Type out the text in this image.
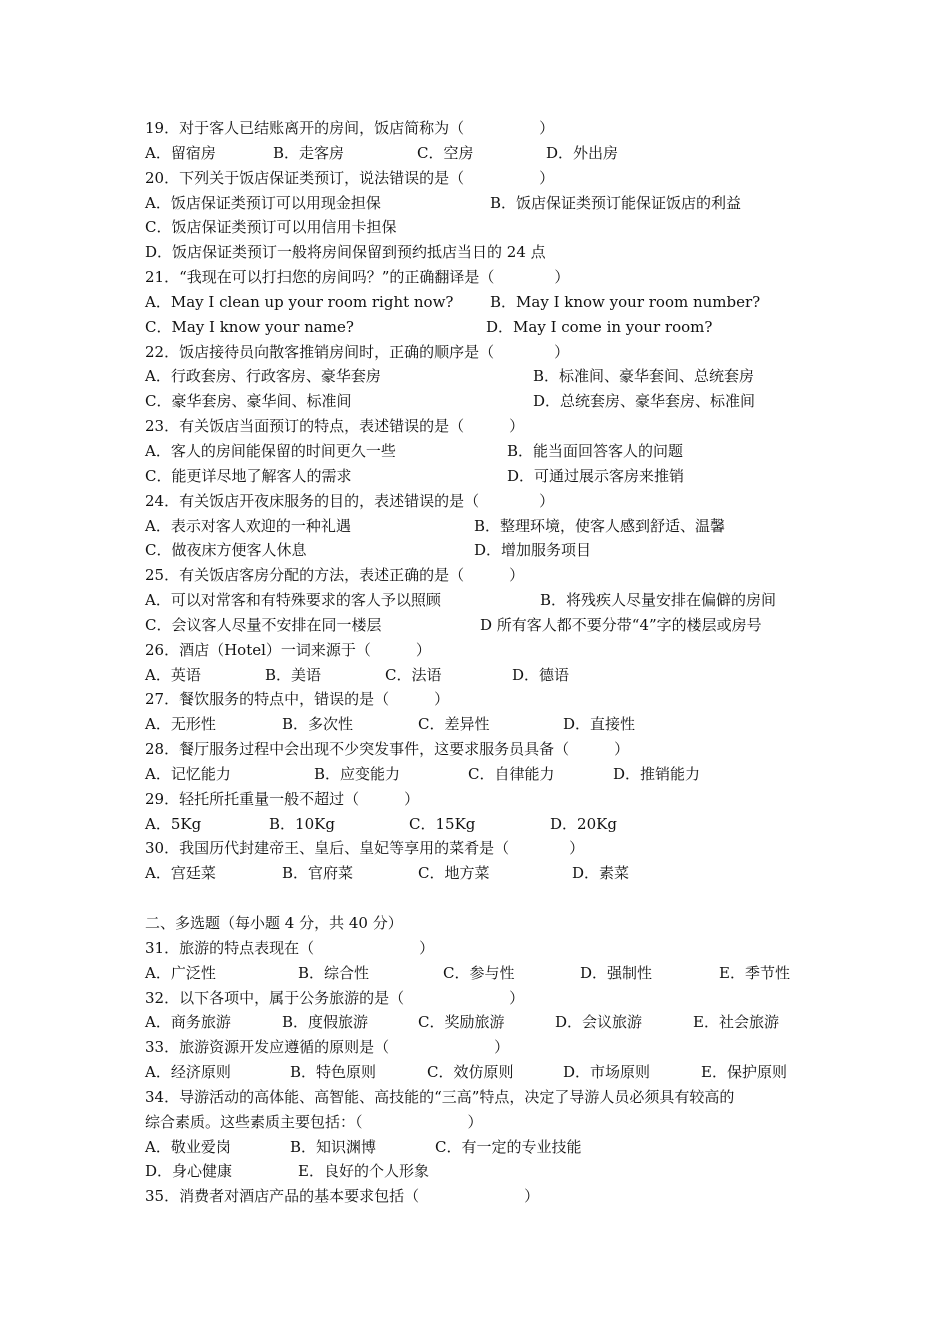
19．对于客人已结账离开的房间，饭店简称为（　　　　　）
A．留宿房	B．走客房	C．空房	D．外出房
20．下列关于饭店保证类预订，说法错误的是（　　　　　）
A．饭店保证类预订可以用现金担保	B．饭店保证类预订能保证饭店的利益
C．饭店保证类预订可以用信用卡担保
D．饭店保证类预订一般将房间保留到预约抵店当日的 24 点
21．“我现在可以打扫您的房间吗？”的正确翻译是（　　　　）
A．May I clean up your room right now? B．May I know your room number?
C．May I know your name?	D．May I come in your room?
22．饭店接待员向散客推销房间时，正确的顺序是（　　　　）
A．行政套房、行政客房、豪华套房	B．标准间、豪华套间、总统套房
C．豪华套房、豪华间、标准间	D．总统套房、豪华套房、标准间
23．有关饭店当面预订的特点，表述错误的是（　　　）
A．客人的房间能保留的时间更久一些	B．能当面回答客人的问题
C．能更详尽地了解客人的需求	D．可通过展示客房来推销
24．有关饭店开夜床服务的目的，表述错误的是（　　　　）
A．表示对客人欢迎的一种礼遇	B．整理环境，使客人感到舒适、温馨
C．做夜床方便客人休息	D．增加服务项目
25．有关饭店客房分配的方法，表述正确的是（　　　）
A．可以对常客和有特殊要求的客人予以照顾	B．将残疾人尽量安排在偏僻的房间
C．会议客人尽量不安排在同一楼层	D 所有客人都不要分带“4”字的楼层或房号
26．酒店（Hotel）一词来源于（　　　）
A．英语	B．美语	C．法语	D．德语
27．餐饮服务的特点中，错误的是（　　　）
A．无形性	B．多次性	C．差异性	D．直接性
28．餐厅服务过程中会出现不少突发事件，这要求服务员具备（　　　）
A．记忆能力	B．应变能力	C．自律能力	D．推销能力
29．轻托所托重量一般不超过（　　　）
A．5Kg	B．10Kg	C．15Kg	D．20Kg
30．我国历代封建帝王、皇后、皇妃等享用的菜肴是（　　　　）
A．宫廷菜	B．官府菜	C．地方菜	D．素菜
二、多选题（每小题 4 分，共 40 分）
31．旅游的特点表现在（　　　　　　　）
A．广泛性	B．综合性	C．参与性	D．强制性	E．季节性
32．以下各项中，属于公务旅游的是（　　　　　　　）
A．商务旅游	B．度假旅游	C．奖励旅游	D．会议旅游	E．社会旅游
33．旅游资源开发应遵循的原则是（　　　　　　　）
A．经济原则	B．特色原则	C．效仿原则	D．市场原则	E．保护原则
34．导游活动的高体能、高智能、高技能的“三高”特点，决定了导游人员必须具有较高的
综合素质。这些素质主要包括：（　　　　　　　）
A．敬业爱岗	B．知识渊博	C．有一定的专业技能
D．身心健康	E．良好的个人形象
35．消费者对酒店产品的基本要求包括（　　　　　　　）
